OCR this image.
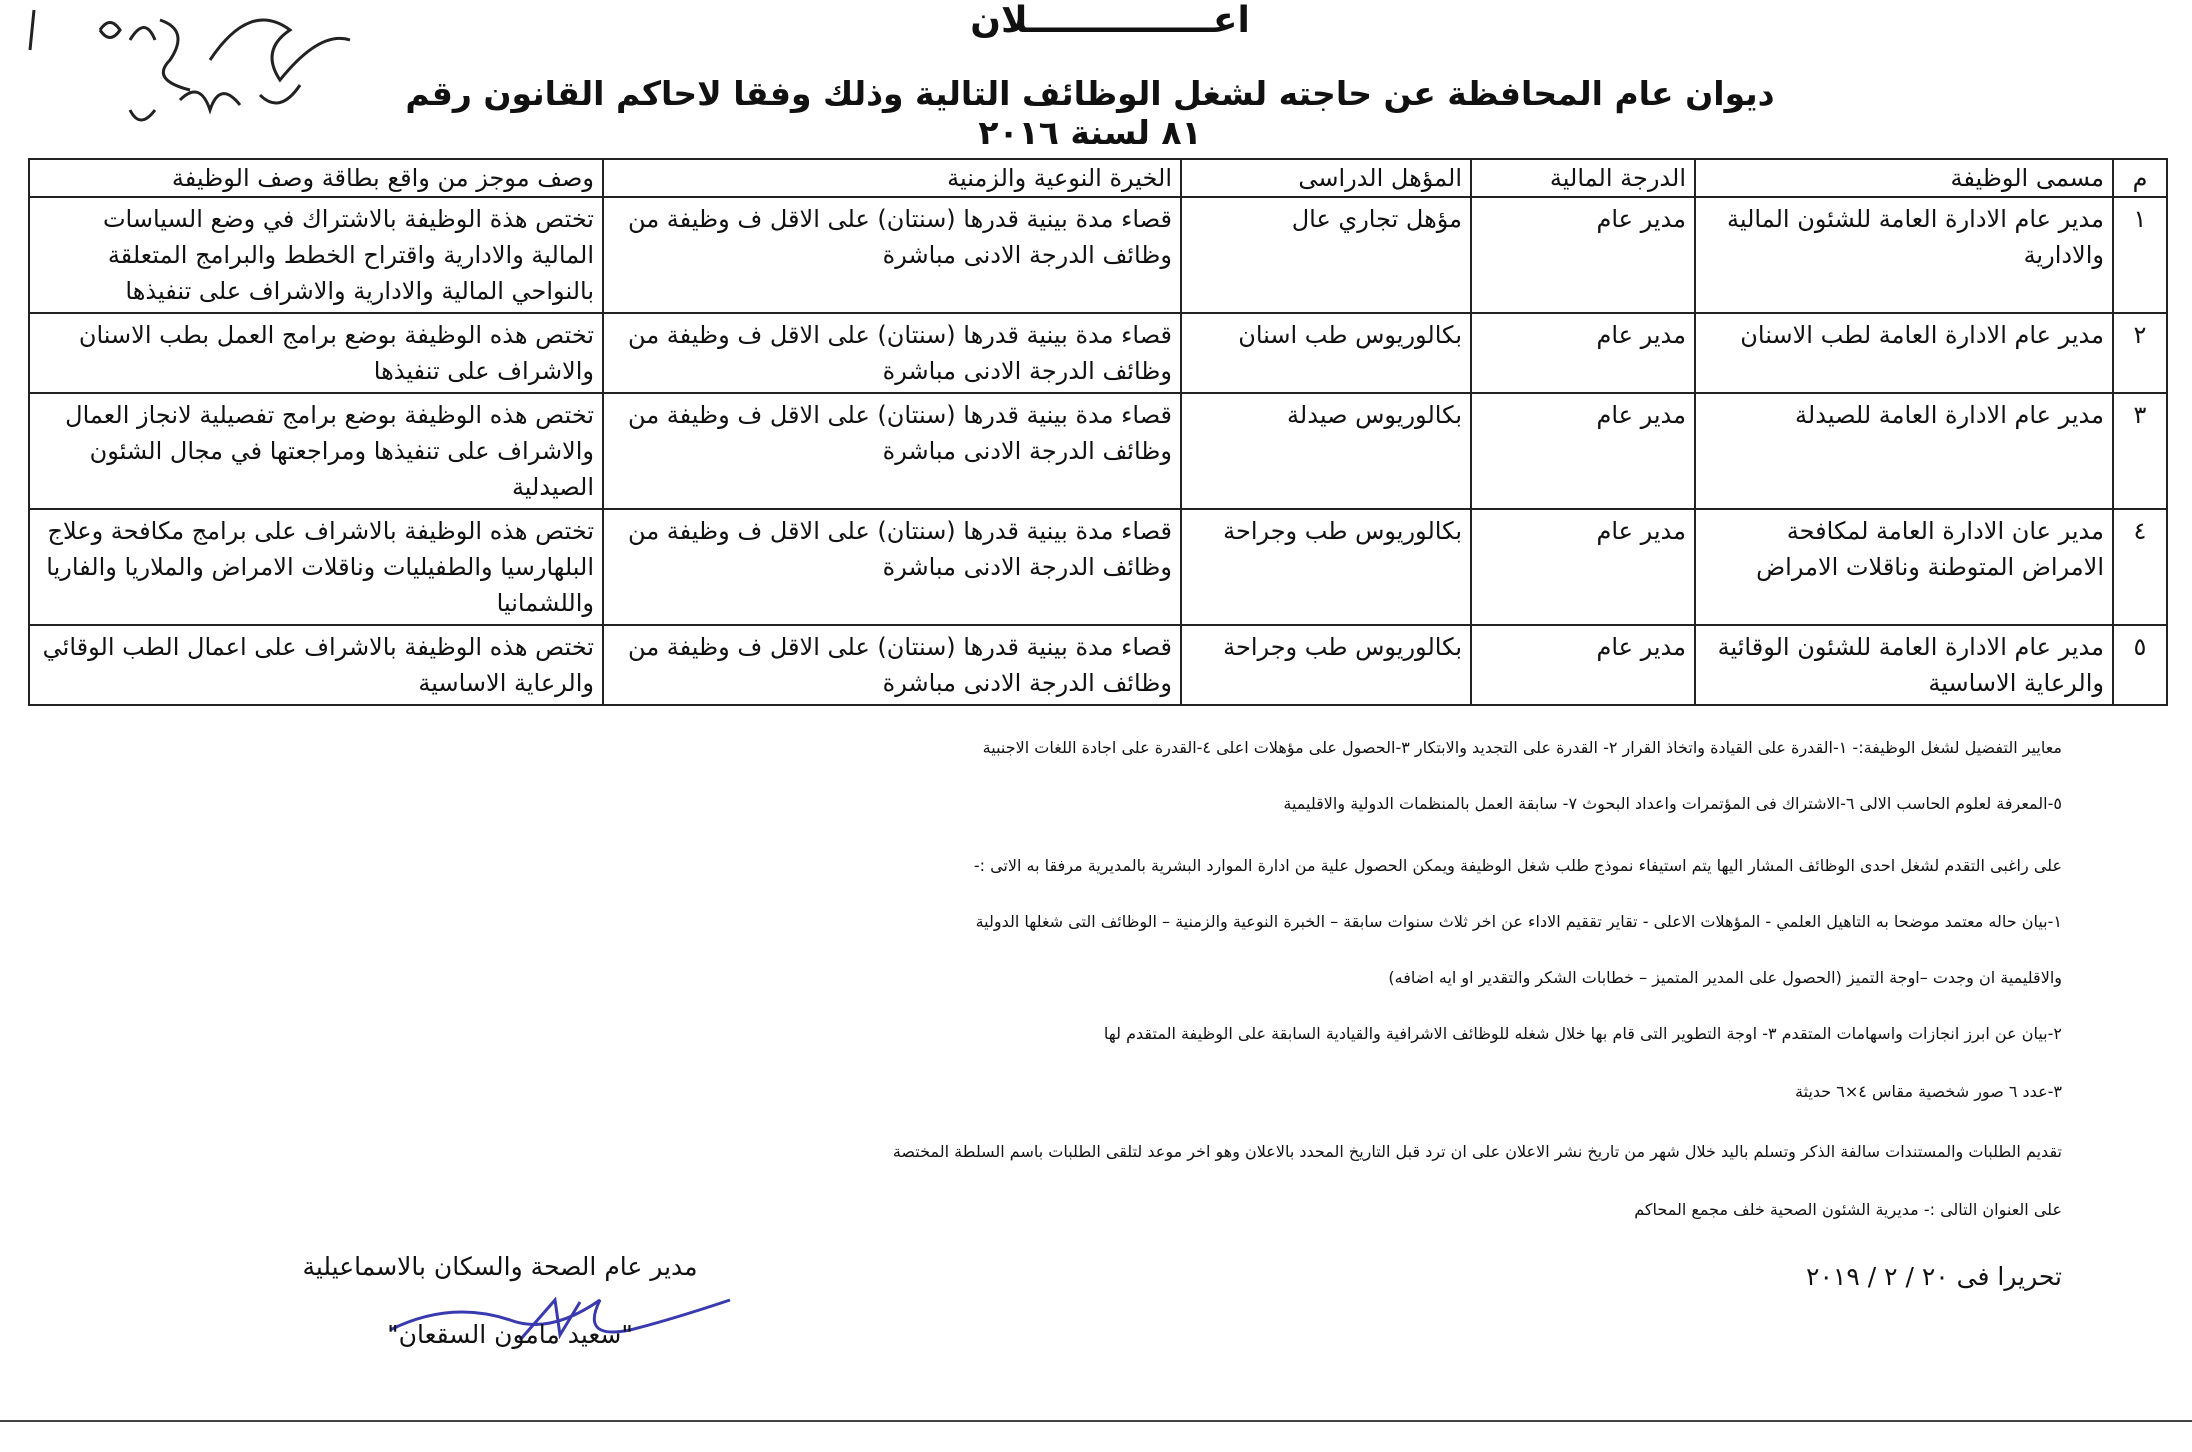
اعـــــــــــــــلان
ديوان عام المحافظة عن حاجته لشغل الوظائف التالية وذلك وفقا لاحاكم القانون رقم ٨١ لسنة ٢٠١٦
م	مسمى الوظيفة	الدرجة المالية	المؤهل الدراسى	الخيرة النوعية والزمنية	وصف موجز من واقع بطاقة وصف الوظيفة
١	مدير عام الادارة العامة للشئون المالية والادارية	مدير عام	مؤهل تجاري عال	قصاء مدة بينية قدرها (سنتان) على الاقل ف وظيفة من وظائف الدرجة الادنى مباشرة	تختص هذة الوظيفة بالاشتراك في وضع السياسات المالية والادارية واقتراح الخطط والبرامج المتعلقة بالنواحي المالية والادارية والاشراف على تنفيذها
٢	مدير عام الادارة العامة لطب الاسنان	مدير عام	بكالوريوس طب اسنان	قصاء مدة بينية قدرها (سنتان) على الاقل ف وظيفة من وظائف الدرجة الادنى مباشرة	تختص هذه الوظيفة بوضع برامج العمل بطب الاسنان والاشراف على تنفيذها
٣	مدير عام الادارة العامة للصيدلة	مدير عام	بكالوريوس صيدلة	قصاء مدة بينية قدرها (سنتان) على الاقل ف وظيفة من وظائف الدرجة الادنى مباشرة	تختص هذه الوظيفة بوضع برامج تفصيلية لانجاز العمال والاشراف على تنفيذها ومراجعتها في مجال الشئون الصيدلية
٤	مدير عان الادارة العامة لمكافحة الامراض المتوطنة وناقلات الامراض	مدير عام	بكالوريوس طب وجراحة	قصاء مدة بينية قدرها (سنتان) على الاقل ف وظيفة من وظائف الدرجة الادنى مباشرة	تختص هذه الوظيفة بالاشراف على برامج مكافحة وعلاج البلهارسيا والطفيليات وناقلات الامراض والملاريا والفاريا واللشمانيا
٥	مدير عام الادارة العامة للشئون الوقائية والرعاية الاساسية	مدير عام	بكالوريوس طب وجراحة	قصاء مدة بينية قدرها (سنتان) على الاقل ف وظيفة من وظائف الدرجة الادنى مباشرة	تختص هذه الوظيفة بالاشراف على اعمال الطب الوقائي والرعاية الاساسية
معايير التفضيل لشغل الوظيفة:- ١-القدرة على القيادة واتخاذ القرار ٢- القدرة على التجديد والابتكار ٣-الحصول على مؤهلات اعلى ٤-القدرة على اجادة اللغات الاجنبية
٥-المعرفة لعلوم الحاسب الالى ٦-الاشتراك فى المؤتمرات واعداد البحوث ٧- سابقة العمل بالمنظمات الدولية والاقليمية
على راغبى التقدم لشغل احدى الوظائف المشار اليها يتم استيفاء نموذج طلب شغل الوظيفة ويمكن الحصول علية من ادارة الموارد البشرية بالمديرية مرفقا به الاتى :-
١-بيان حاله معتمد موضحا به التاهيل العلمي - المؤهلات الاعلى - تقاير تققيم الاداء عن اخر ثلاث سنوات سابقة – الخبرة النوعية والزمنية – الوظائف التى شغلها الدولية
والاقليمية ان وجدت –اوجة التميز (الحصول على المدير المتميز – خطابات الشكر والتقدير او ايه اضافه)
٢-بيان عن ابرز انجازات واسهامات المتقدم ٣- اوجة التطوير التى قام بها خلال شغله للوظائف الاشرافية والقيادية السابقة على الوظيفة المتقدم لها
٣-عدد ٦ صور شخصية مقاس ٤×٦ حديثة
تقديم الطلبات والمستندات سالفة الذكر وتسلم باليد خلال شهر من تاريخ نشر الاعلان على ان ترد قبل التاريخ المحدد بالاعلان وهو اخر موعد لتلقى الطلبات باسم السلطة المختصة
على العنوان التالى :- مديرية الشئون الصحية خلف مجمع المحاكم
تحريرا فى ٢٠ / ٢ / ٢٠١٩
مدير عام الصحة والسكان بالاسماعيلية
"سعيد مامون السقعان"
